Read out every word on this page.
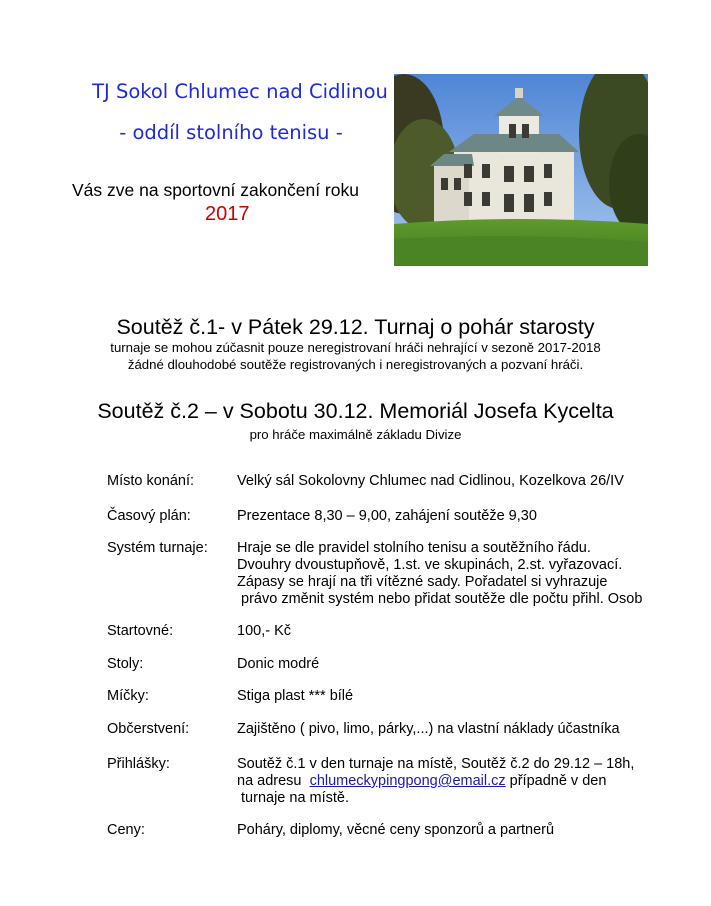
TJ Sokol Chlumec nad Cidlinou
- oddíl stolního tenisu -
Vás zve na sportovní zakončení roku
2017
Soutěž č.1- v Pátek 29.12. Turnaj o pohár starosty
turnaje se mohou zúčasnit pouze neregistrovaní hráči nehrající v sezoně 2017-2018
žádné dlouhodobé soutěže registrovaných i neregistrovaných a pozvaní hráči.
Soutěž č.2 – v Sobotu 30.12. Memoriál Josefa Kycelta
pro hráče maximálně základu Divize
Místo konání:	Velký sál Sokolovny Chlumec nad Cidlinou, Kozelkova 26/IV
Časový plán:	Prezentace 8,30 – 9,00, zahájení soutěže 9,30
Systém turnaje: Hraje se dle pravidel stolního tenisu a soutěžního řádu.
Dvouhry dvoustupňově, 1.st. ve skupinách, 2.st. vyřazovací.
Zápasy se hrají na tři vítězné sady. Pořadatel si vyhrazuje
právo změnit systém nebo přidat soutěže dle počtu přihl. Osob
Startovné:	100,- Kč
Stoly:	Donic modré
Míčky:	Stiga plast *** bílé
Občerstvení:	Zajištěno ( pivo, limo, párky,...) na vlastní náklady účastníka
Přihlášky:	Soutěž č.1 v den turnaje na místě, Soutěž č.2 do 29.12 – 18h,
na adresu  chlumeckypingpong@email.cz případně v den
turnaje na místě.
Ceny:	Poháry, diplomy, věcné ceny sponzorů a partnerů
